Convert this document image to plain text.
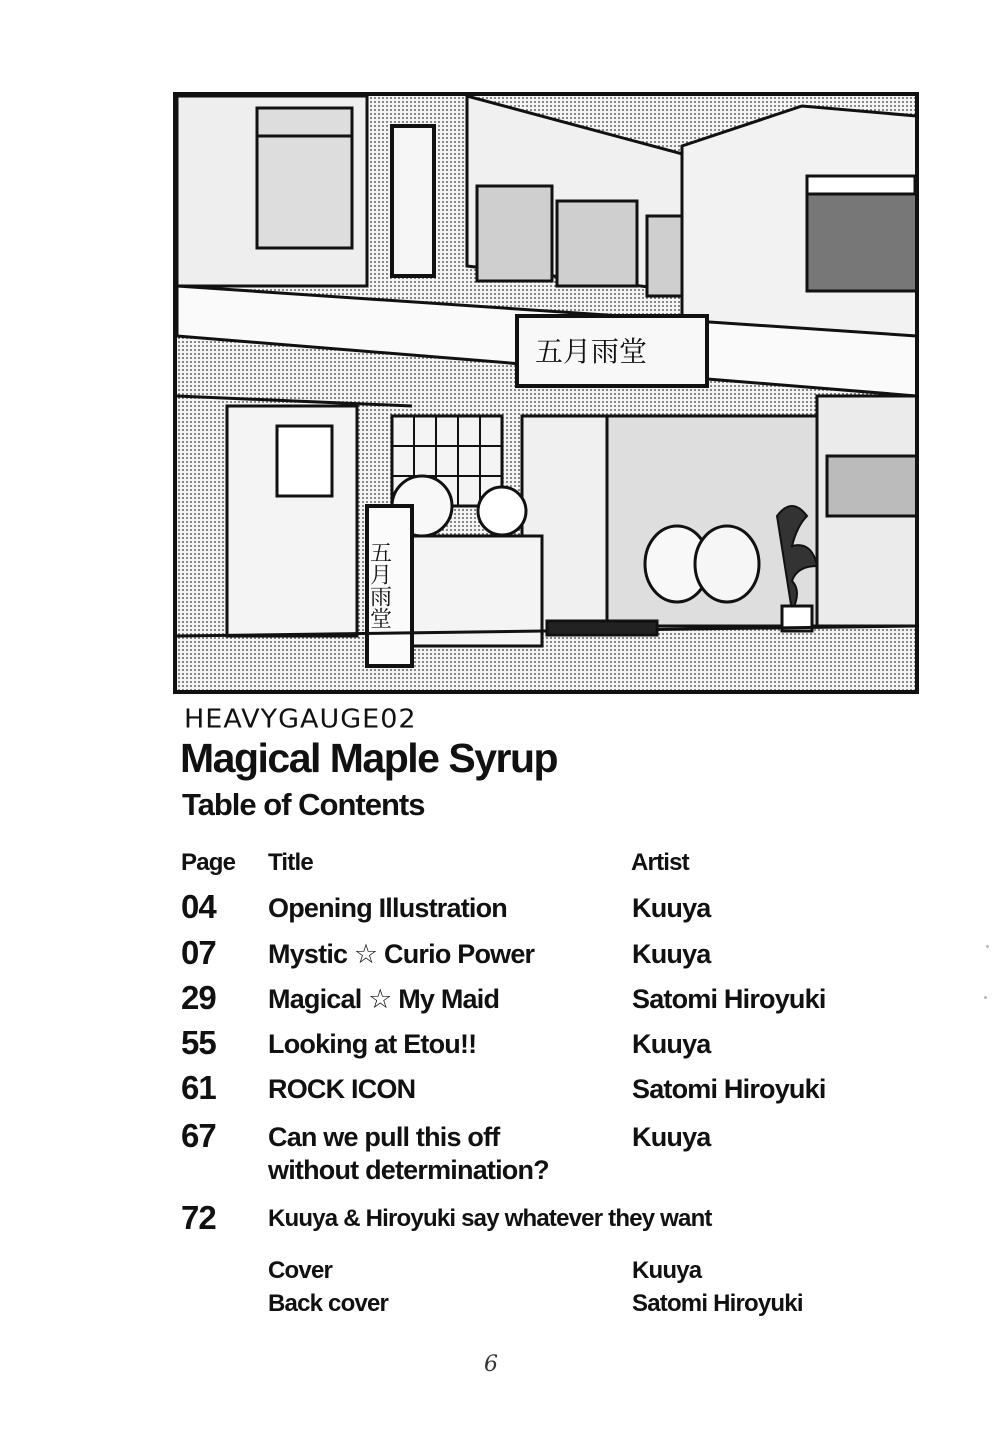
五月雨堂
五月雨堂
HEAVYGAUGE02
Magical Maple Syrup
Table of Contents
Page Title	Artist
04 Opening Illustration	Kuuya
07 Mystic ☆ Curio Power	Kuuya
29 Magical ☆ My Maid	Satomi Hiroyuki
55 Looking at Etou!!	Kuuya
61 ROCK ICON	Satomi Hiroyuki
67 Can we pull this off
without determination?
Kuuya
72 Kuuya & Hiroyuki say whatever they want
Cover	Kuuya
Back cover	Satomi Hiroyuki
6
